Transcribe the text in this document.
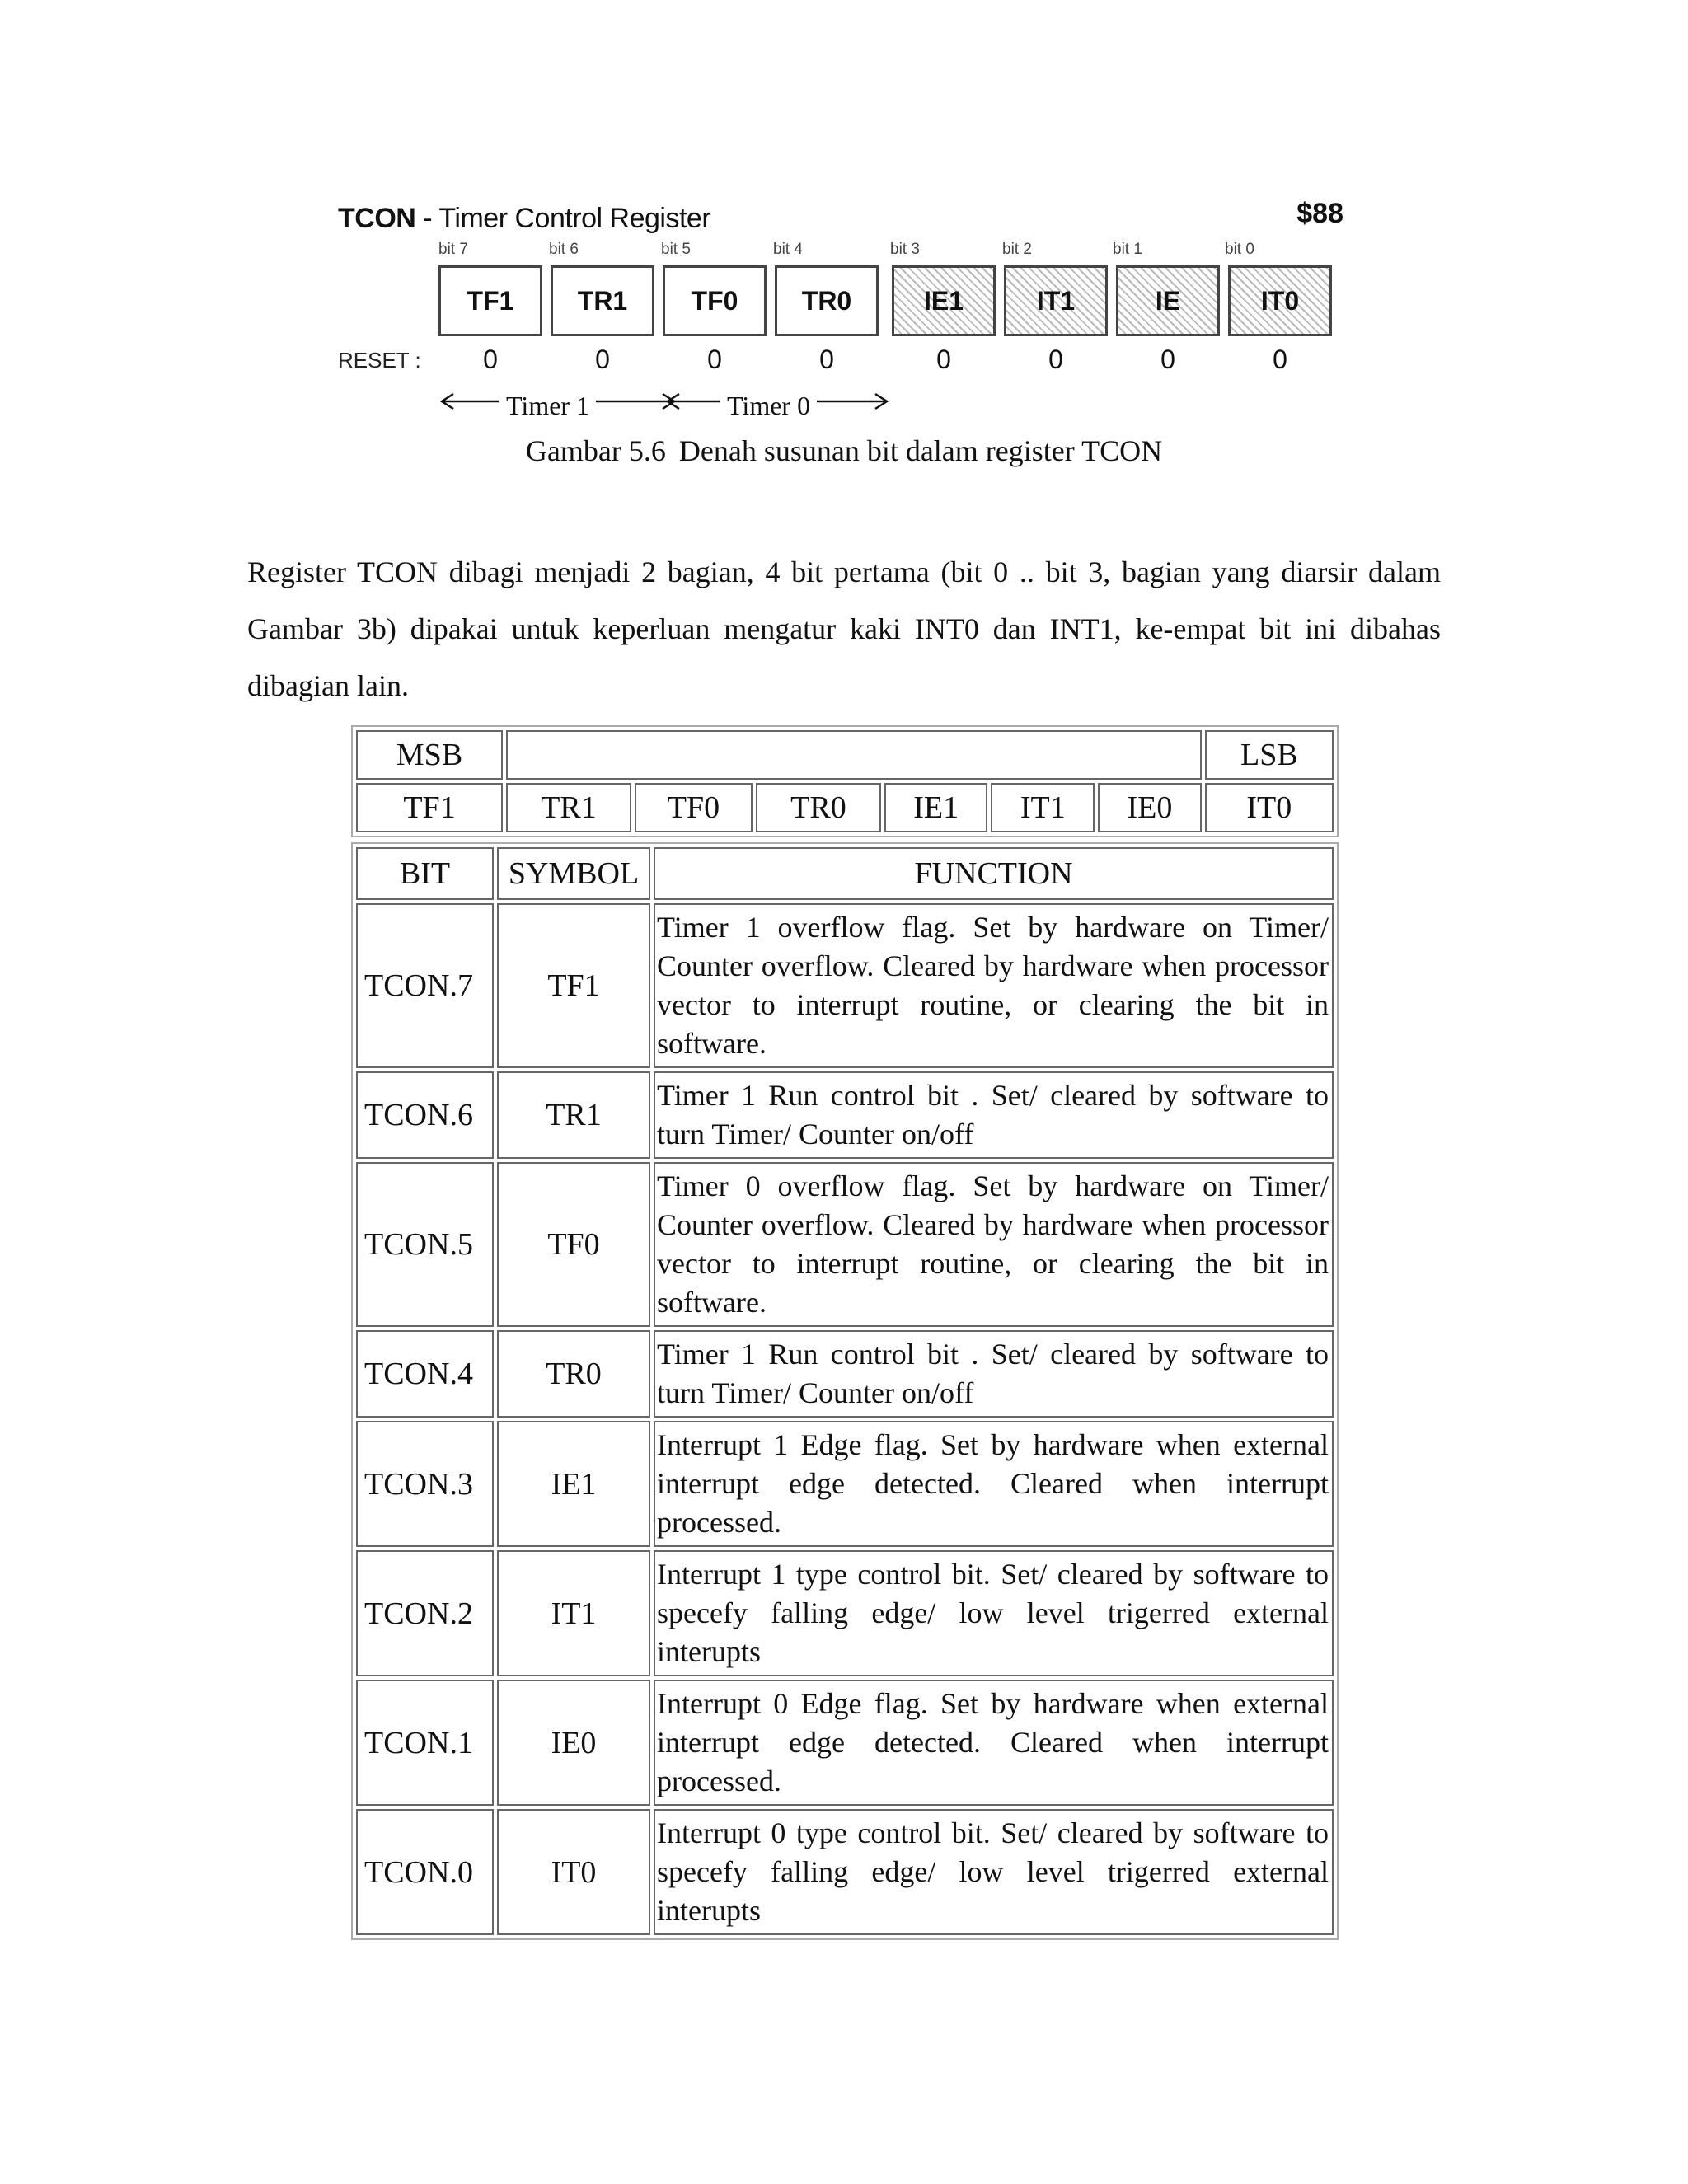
TCON - Timer Control Register	$88
bit 7	bit 6	bit 5	bit 4	bit 3	bit 2	bit 1	bit 0
TF1 TR1 TF0 TR0	IE1	IT1	IE	IT0
RESET :	0	0	0	0	0	0	0	0
Timer 1	Timer 0
Gambar 5.6 Denah susunan bit dalam register TCON
Register TCON dibagi menjadi 2 bagian, 4 bit pertama (bit 0 .. bit 3, bagian yang diarsir dalam Gambar 3b) dipakai untuk keperluan mengatur kaki INT0 dan INT1, ke-empat bit ini dibahas dibagian lain.
MSB							LSB
TF1	TR1	TF0	TR0	IE1	IT1	IE0	IT0
BIT	SYMBOL	FUNCTION
TCON.7	TF1	Timer 1 overflow flag. Set by hardware on Timer/ Counter overflow. Cleared by hardware when processor vector to interrupt routine, or clearing the bit in software.
TCON.6	TR1	Timer 1 Run control bit . Set/ cleared by software to turn Timer/ Counter on/off
TCON.5	TF0	Timer 0 overflow flag. Set by hardware on Timer/ Counter overflow. Cleared by hardware when processor vector to interrupt routine, or clearing the bit in software.
TCON.4	TR0	Timer 1 Run control bit . Set/ cleared by software to turn Timer/ Counter on/off
TCON.3	IE1	Interrupt 1 Edge flag. Set by hardware when external interrupt edge detected. Cleared when interrupt processed.
TCON.2	IT1	Interrupt 1 type control bit. Set/ cleared by software to specefy falling edge/ low level trigerred external interupts
TCON.1	IE0	Interrupt 0 Edge flag. Set by hardware when external interrupt edge detected. Cleared when interrupt processed.
TCON.0	IT0	Interrupt 0 type control bit. Set/ cleared by software to specefy falling edge/ low level trigerred external interupts
